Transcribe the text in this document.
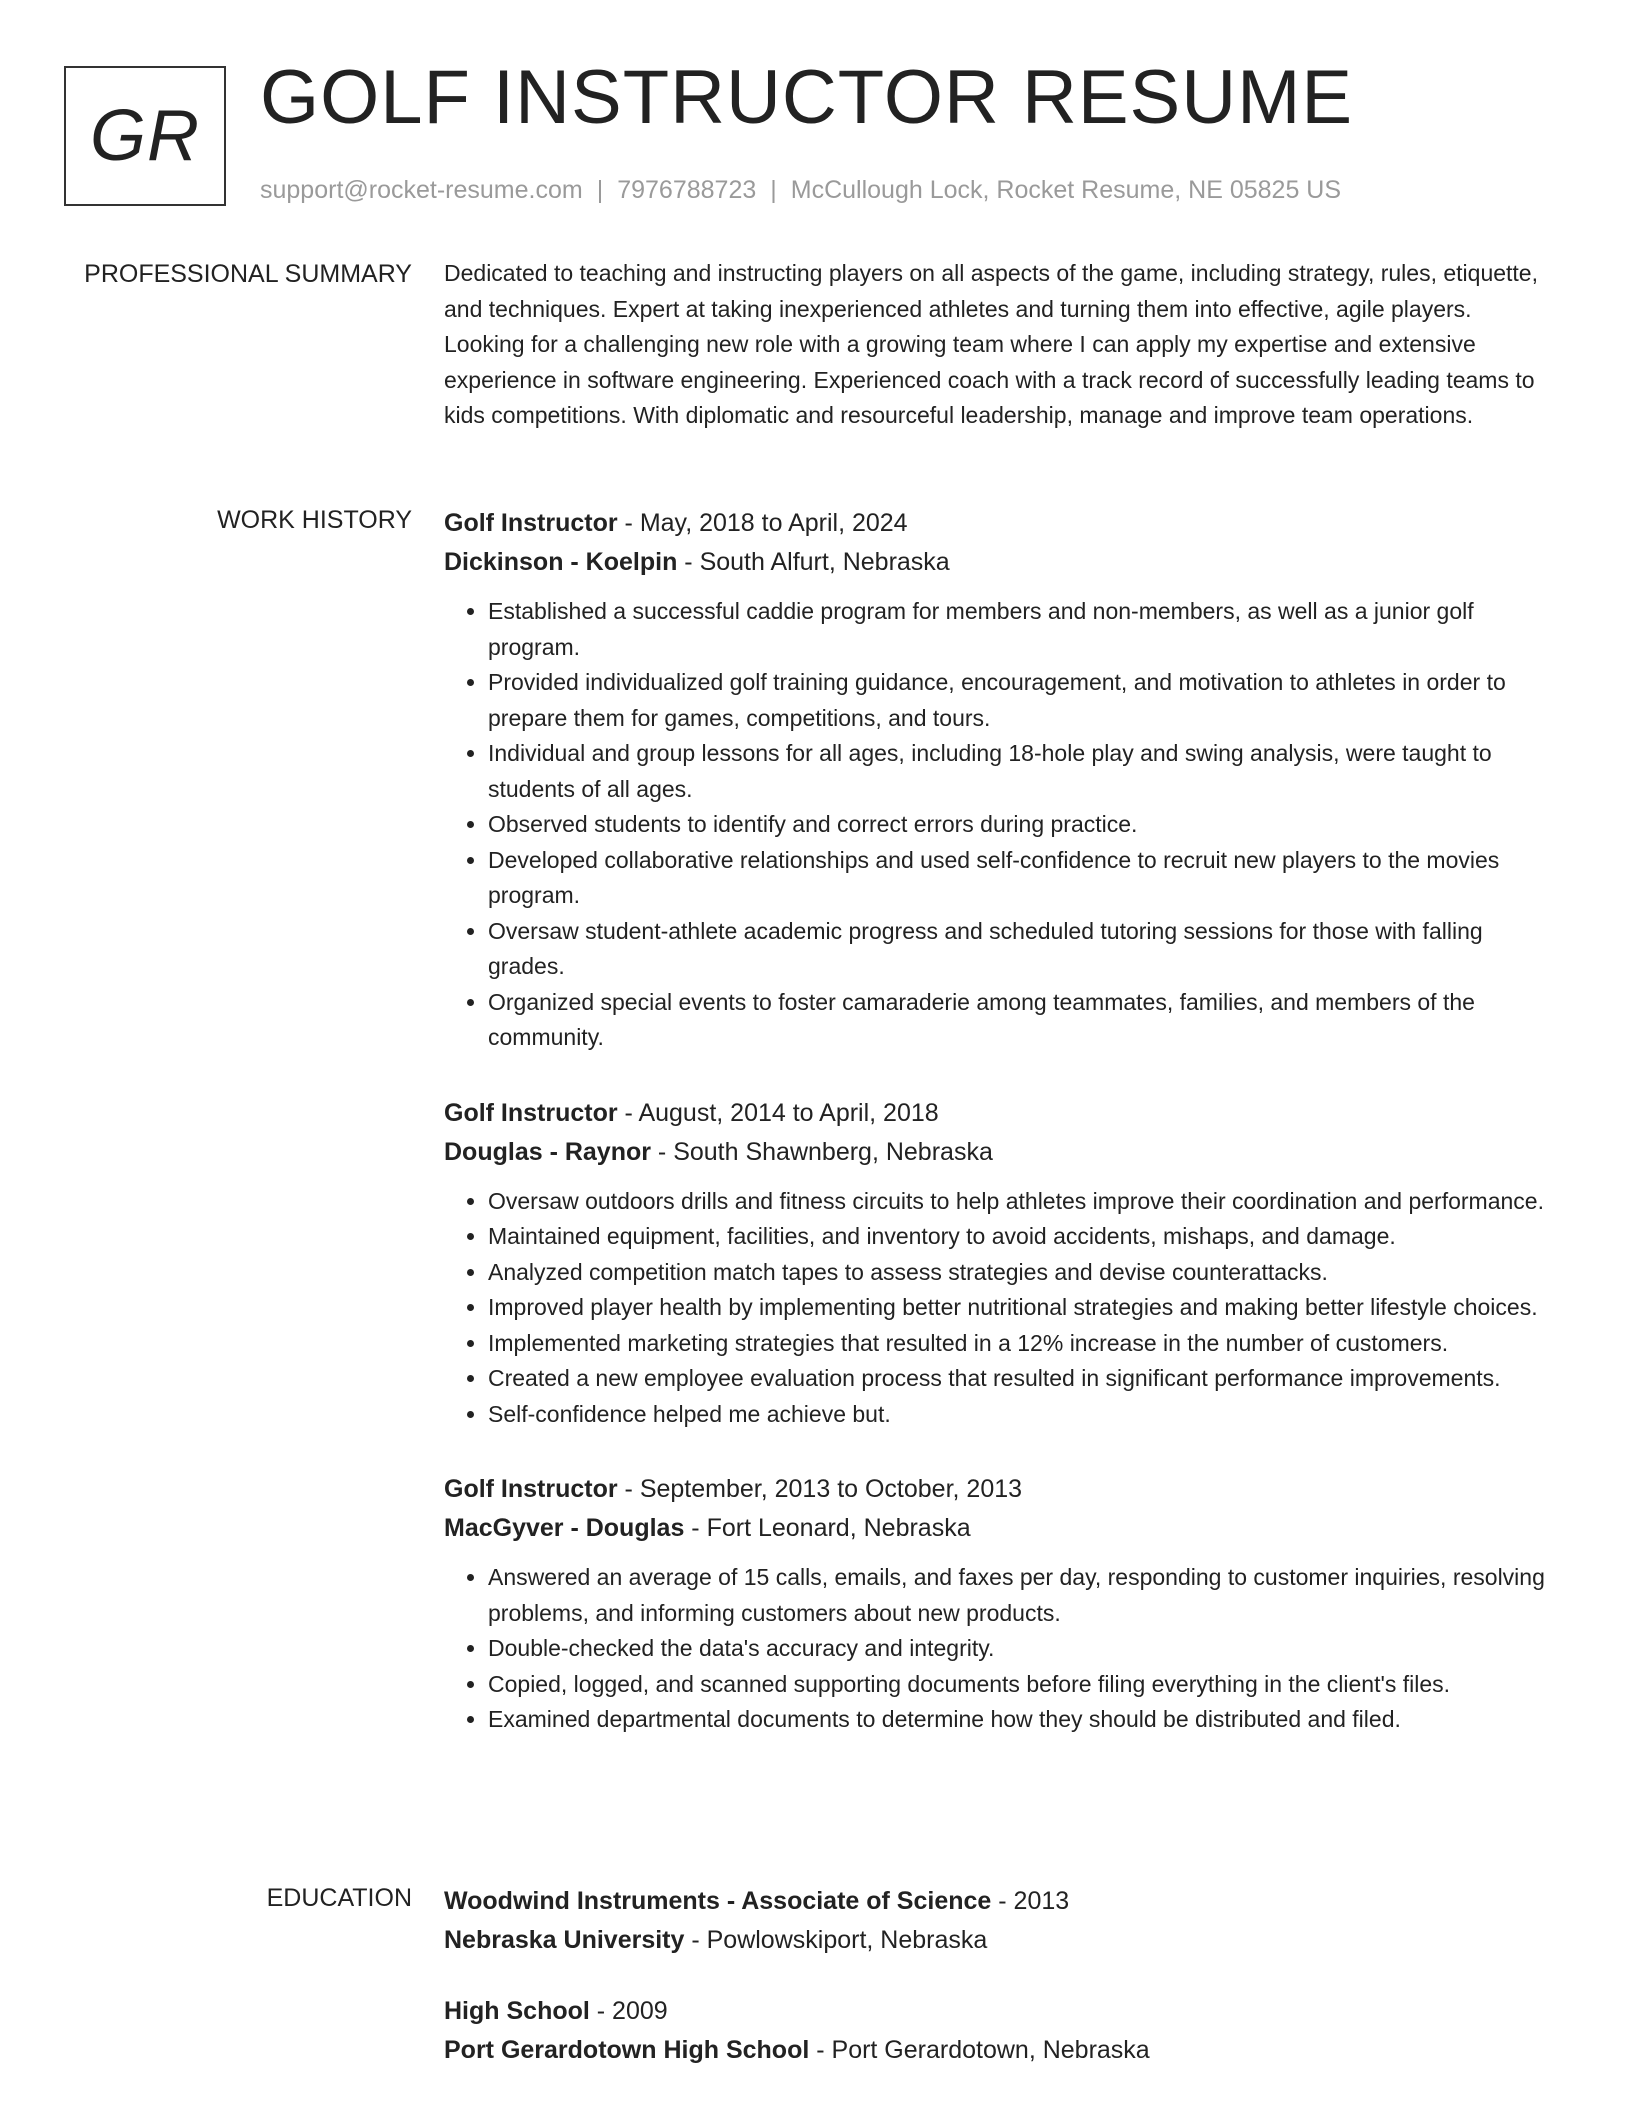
GR GOLF INSTRUCTOR RESUME
support@rocket-resume.com | 7976788723 | McCullough Lock, Rocket Resume, NE 05825 US
PROFESSIONAL SUMMARY Dedicated to teaching and instructing players on all aspects of the game, including strategy, rules, etiquette, and techniques. Expert at taking inexperienced athletes and turning them into effective, agile players. Looking for a challenging new role with a growing team where I can apply my expertise and extensive experience in software engineering. Experienced coach with a track record of successfully leading teams to kids competitions. With diplomatic and resourceful leadership, manage and improve team operations.
WORK HISTORY Golf Instructor - May, 2018 to April, 2024
Dickinson - Koelpin - South Alfurt, Nebraska
• Established a successful caddie program for members and non-members, as well as a junior golf program.
• Provided individualized golf training guidance, encouragement, and motivation to athletes in order to prepare them for games, competitions, and tours.
• Individual and group lessons for all ages, including 18-hole play and swing analysis, were taught to students of all ages.
• Observed students to identify and correct errors during practice.
• Developed collaborative relationships and used self-confidence to recruit new players to the movies program.
• Oversaw student-athlete academic progress and scheduled tutoring sessions for those with falling grades.
• Organized special events to foster camaraderie among teammates, families, and members of the community.
Golf Instructor - August, 2014 to April, 2018
Douglas - Raynor - South Shawnberg, Nebraska
• Oversaw outdoors drills and fitness circuits to help athletes improve their coordination and performance.
• Maintained equipment, facilities, and inventory to avoid accidents, mishaps, and damage.
• Analyzed competition match tapes to assess strategies and devise counterattacks.
• Improved player health by implementing better nutritional strategies and making better lifestyle choices.
• Implemented marketing strategies that resulted in a 12% increase in the number of customers.
• Created a new employee evaluation process that resulted in significant performance improvements.
• Self-confidence helped me achieve but.
Golf Instructor - September, 2013 to October, 2013
MacGyver - Douglas - Fort Leonard, Nebraska
• Answered an average of 15 calls, emails, and faxes per day, responding to customer inquiries, resolving problems, and informing customers about new products.
• Double-checked the data's accuracy and integrity.
• Copied, logged, and scanned supporting documents before filing everything in the client's files.
• Examined departmental documents to determine how they should be distributed and filed.
EDUCATION Woodwind Instruments - Associate of Science - 2013
Nebraska University - Powlowskiport, Nebraska
High School - 2009
Port Gerardotown High School - Port Gerardotown, Nebraska
